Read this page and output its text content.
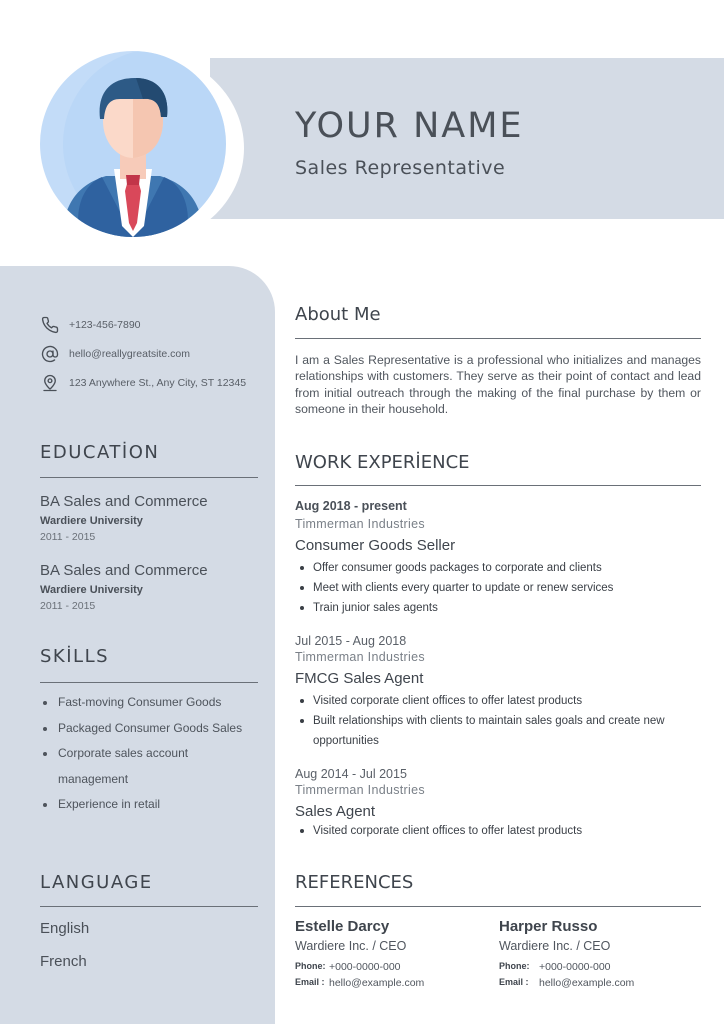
YOUR NAME
Sales Representative
+123-456-7890
hello@reallygreatsite.com
123 Anywhere St., Any City, ST 12345
EDUCATİON
BA Sales and Commerce
Wardiere University
2011 - 2015
BA Sales and Commerce
Wardiere University
2011 - 2015
SKİLLS
Fast-moving Consumer Goods
Packaged Consumer Goods Sales
Corporate sales account management
Experience in retail
LANGUAGE
English
French
About Me
I am a Sales Representative is a professional who initializes and manages relationships with customers. They serve as their point of contact and lead from initial outreach through the making of the final purchase by them or someone in their household.
WORK EXPERİENCE
Aug 2018 - present
Timmerman Industries
Consumer Goods Seller
Offer consumer goods packages to corporate and clients
Meet with clients every quarter to update or renew services
Train junior sales agents
Jul 2015 - Aug 2018
Timmerman Industries
FMCG Sales Agent
Visited corporate client offices to offer latest products
Built relationships with clients to maintain sales goals and create new opportunities
Aug 2014 - Jul 2015
Timmerman Industries
Sales Agent
Visited corporate client offices to offer latest products
REFERENCES
Estelle Darcy
Wardiere Inc. / CEO
Phone: +000-0000-000
Email : hello@example.com
Harper Russo
Wardiere Inc. / CEO
Phone: +000-0000-000
Email : hello@example.com
